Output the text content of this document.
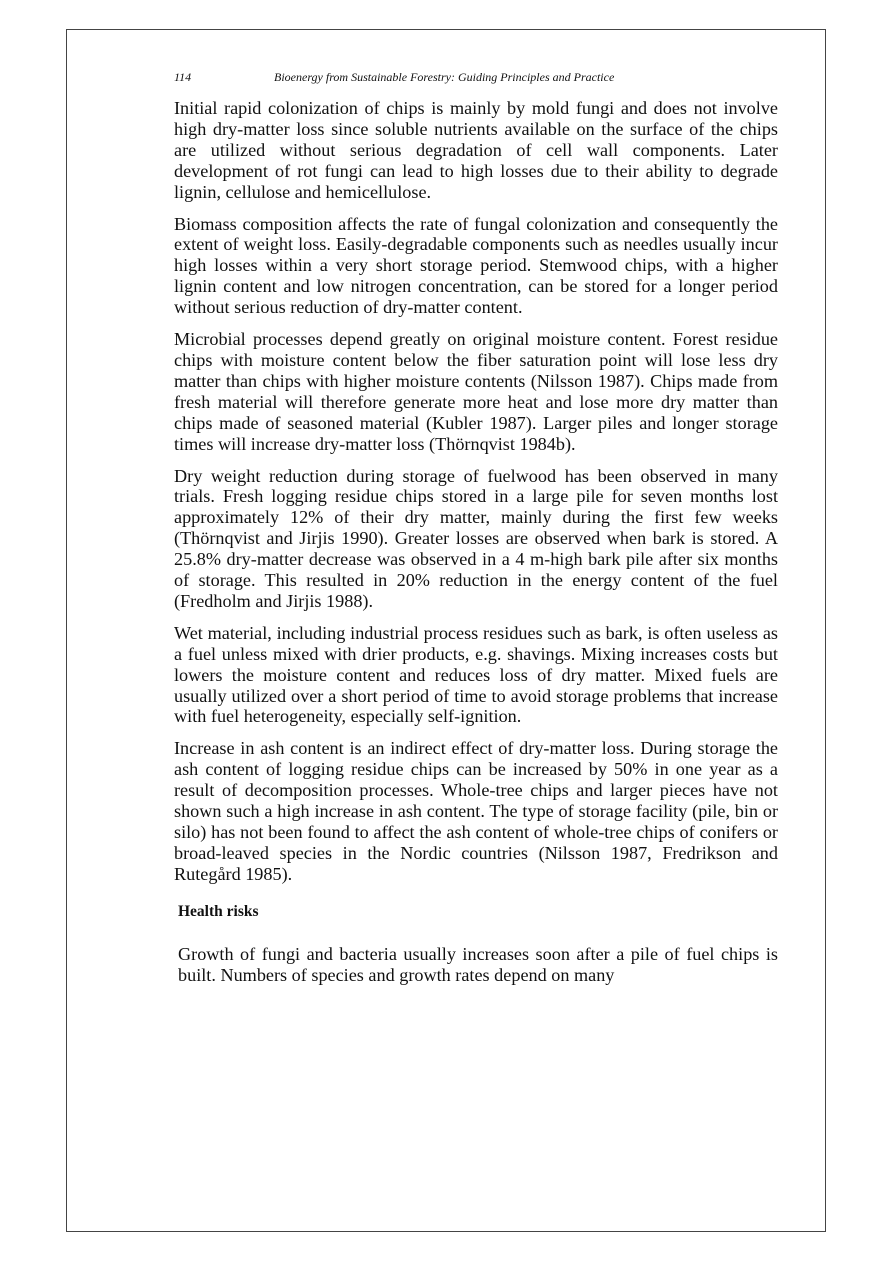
114	Bioenergy from Sustainable Forestry: Guiding Principles and Practice

Initial rapid colonization of chips is mainly by mold fungi and does not involve high dry-matter loss since soluble nutrients available on the surface of the chips are utilized without serious degradation of cell wall components. Later development of rot fungi can lead to high losses due to their ability to degrade lignin, cellulose and hemicellulose.

Biomass composition affects the rate of fungal colonization and consequently the extent of weight loss. Easily-degradable components such as needles usually incur high losses within a very short storage period. Stemwood chips, with a higher lignin content and low nitrogen concentration, can be stored for a longer period without serious reduction of dry-matter content.

Microbial processes depend greatly on original moisture content. Forest residue chips with moisture content below the fiber saturation point will lose less dry matter than chips with higher moisture contents (Nilsson 1987). Chips made from fresh material will therefore generate more heat and lose more dry matter than chips made of seasoned material (Kubler 1987). Larger piles and longer storage times will increase dry-matter loss (Thörnqvist 1984b).

Dry weight reduction during storage of fuelwood has been observed in many trials. Fresh logging residue chips stored in a large pile for seven months lost approximately 12% of their dry matter, mainly during the first few weeks (Thörnqvist and Jirjis 1990). Greater losses are observed when bark is stored. A 25.8% dry-matter decrease was observed in a 4 m-high bark pile after six months of storage. This resulted in 20% reduction in the energy content of the fuel (Fredholm and Jirjis 1988).

Wet material, including industrial process residues such as bark, is often useless as a fuel unless mixed with drier products, e.g. shavings. Mixing increases costs but lowers the moisture content and reduces loss of dry matter. Mixed fuels are usually utilized over a short period of time to avoid storage problems that increase with fuel heterogeneity, especially self-ignition.

Increase in ash content is an indirect effect of dry-matter loss. During storage the ash content of logging residue chips can be increased by 50% in one year as a result of decomposition processes. Whole-tree chips and larger pieces have not shown such a high increase in ash content. The type of storage facility (pile, bin or silo) has not been found to affect the ash content of whole-tree chips of conifers or broad-leaved species in the Nordic countries (Nilsson 1987, Fredrikson and Rutegård 1985).

Health risks

Growth of fungi and bacteria usually increases soon after a pile of fuel chips is built. Numbers of species and growth rates depend on many
